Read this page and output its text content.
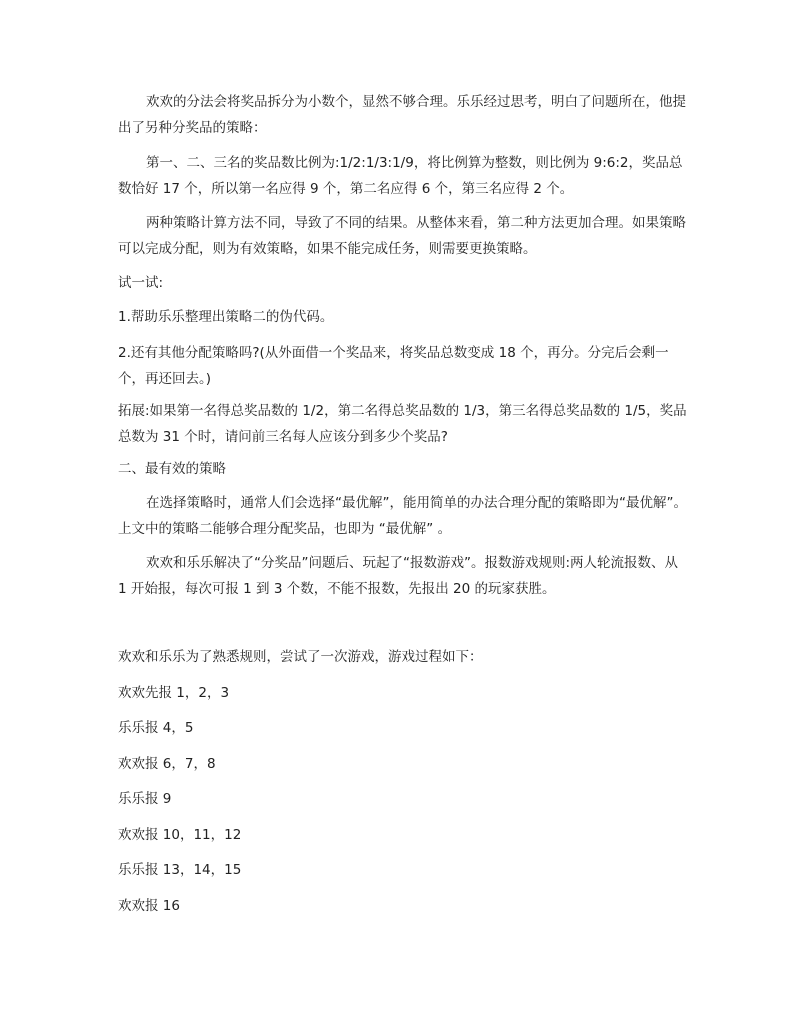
欢欢的分法会将奖品拆分为小数个，显然不够合理。乐乐经过思考，明白了问题所在，他提出了另种分奖品的策略：

第一、二、三名的奖品数比例为:1/2:1/3:1/9，将比例算为整数，则比例为 9:6:2，奖品总数恰好 17 个，所以第一名应得 9 个，第二名应得 6 个，第三名应得 2 个。

两种策略计算方法不同，导致了不同的结果。从整体来看，第二种方法更加合理。如果策略可以完成分配，则为有效策略，如果不能完成任务，则需要更换策略。

试一试:

1.帮助乐乐整理出策略二的伪代码。

2.还有其他分配策略吗?(从外面借一个奖品来，将奖品总数变成 18 个，再分。分完后会剩一个，再还回去。)

拓展:如果第一名得总奖品数的 1/2，第二名得总奖品数的 1/3，第三名得总奖品数的 1/5，奖品总数为 31 个时，请问前三名每人应该分到多少个奖品?

二、最有效的策略

在选择策略时，通常人们会选择“最优解”，能用简单的办法合理分配的策略即为“最优解”。上文中的策略二能够合理分配奖品，也即为 “最优解” 。

欢欢和乐乐解决了“分奖品”问题后、玩起了“报数游戏”。报数游戏规则:两人轮流报数、从 1 开始报，每次可报 1 到 3 个数，不能不报数，先报出 20 的玩家获胜。

欢欢和乐乐为了熟悉规则，尝试了一次游戏，游戏过程如下：

欢欢先报 1，2，3

乐乐报 4，5

欢欢报 6，7，8

乐乐报 9

欢欢报 10，11，12

乐乐报 13，14，15

欢欢报 16
